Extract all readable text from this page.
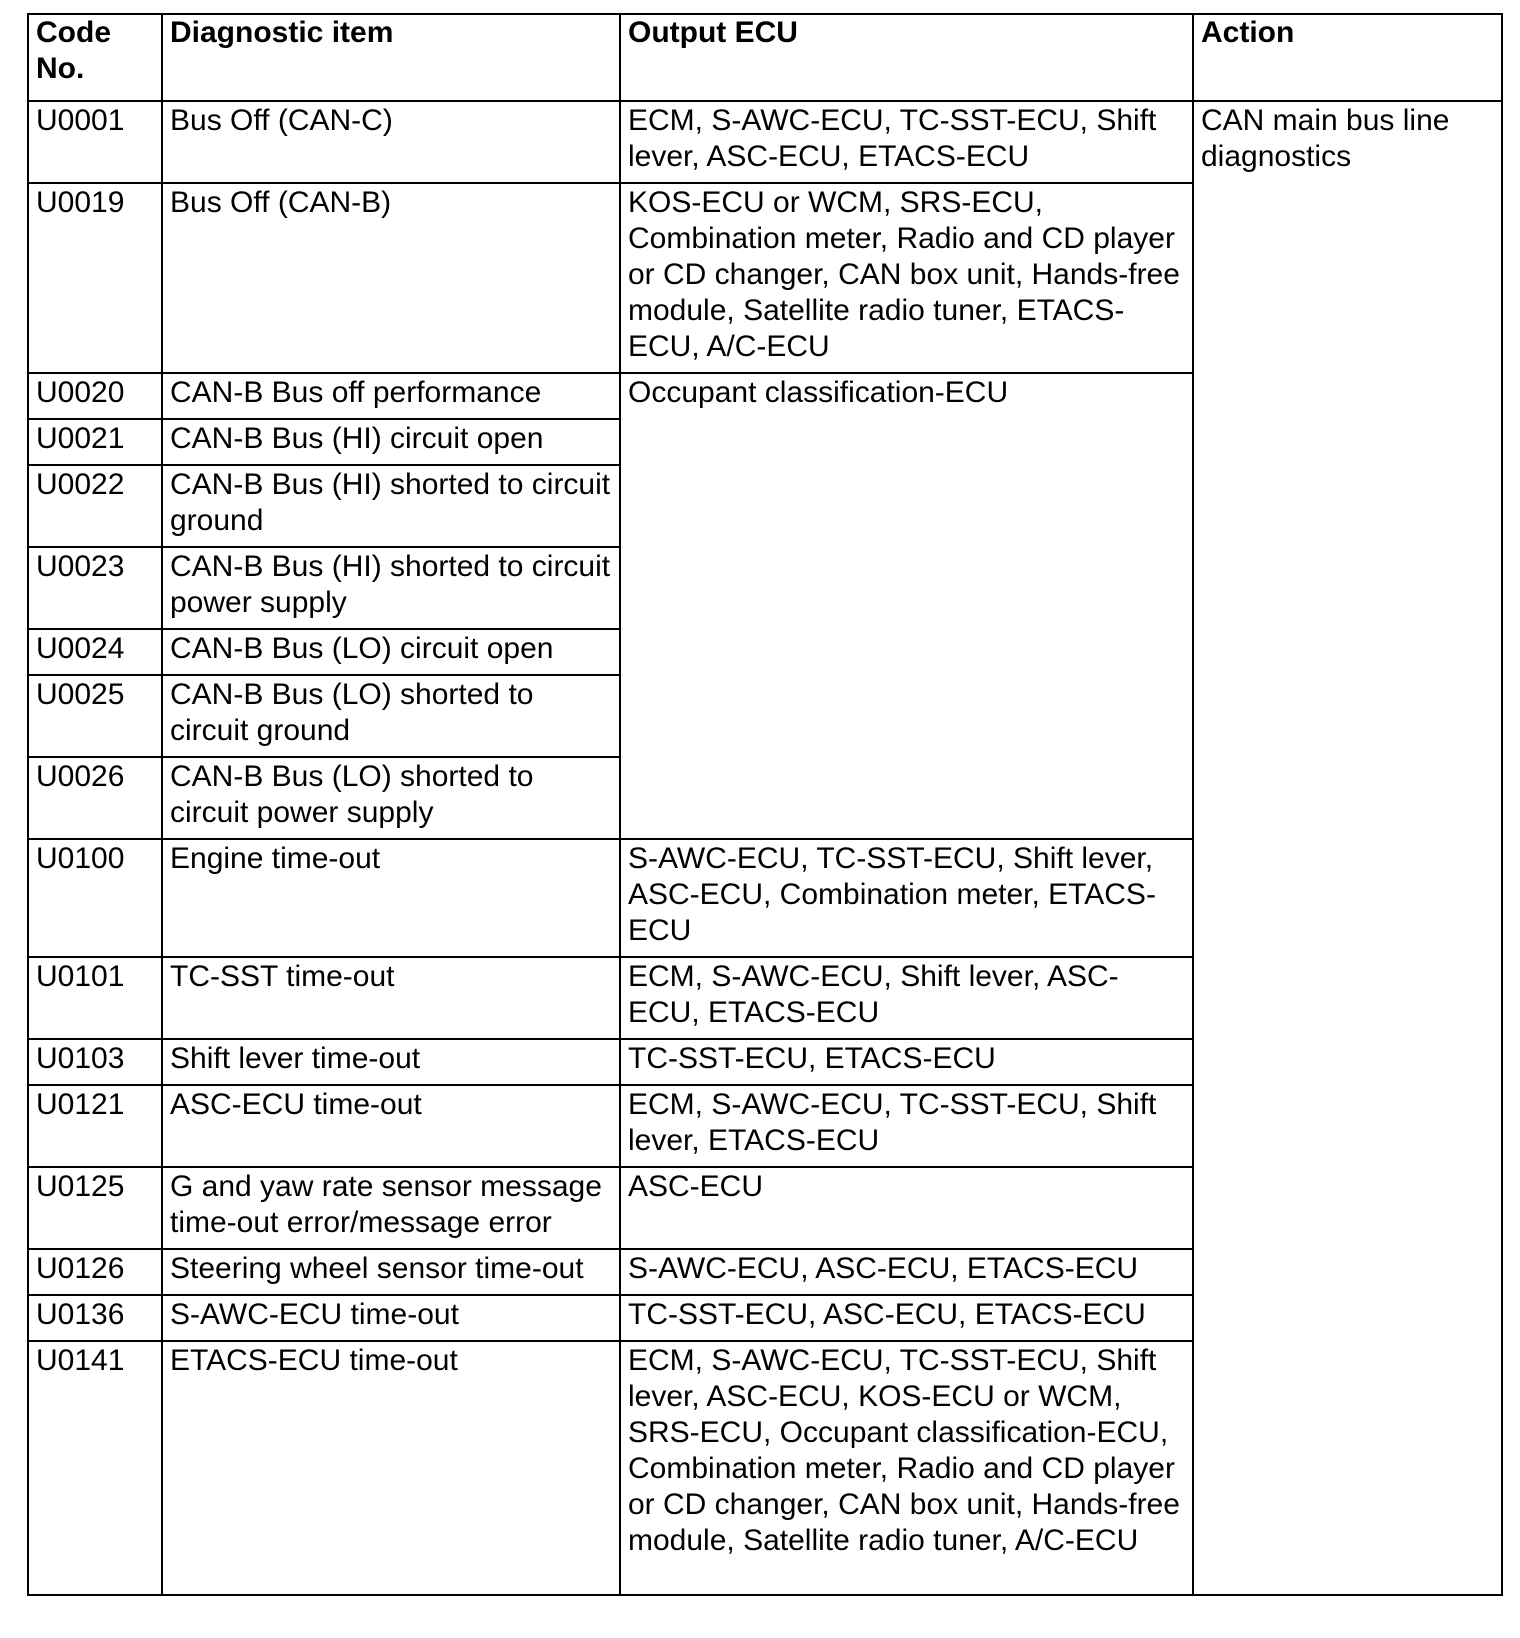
Code No.	Diagnostic item	Output ECU	Action
U0001	Bus Off (CAN-C)	ECM, S-AWC-ECU, TC-SST-ECU, Shift lever, ASC-ECU, ETACS-ECU	CAN main bus line diagnostics

U0019	Bus Off (CAN-B)	KOS-ECU or WCM, SRS-ECU, Combination meter, Radio and CD player or CD changer, CAN box unit, Hands-free module, Satellite radio tuner, ETACS-ECU, A/C-ECU	
U0020	CAN-B Bus off performance	Occupant classification-ECU	
U0021	CAN-B Bus (HI) circuit open		
U0022	CAN-B Bus (HI) shorted to circuit ground		
U0023	CAN-B Bus (HI) shorted to circuit power supply		
U0024	CAN-B Bus (LO) circuit open		
U0025	CAN-B Bus (LO) shorted to circuit ground		
U0026	CAN-B Bus (LO) shorted to circuit power supply		
U0100	Engine time-out	S-AWC-ECU, TC-SST-ECU, Shift lever, ASC-ECU, Combination meter, ETACS-ECU	
U0101	TC-SST time-out	ECM, S-AWC-ECU, Shift lever, ASC-ECU, ETACS-ECU	
U0103	Shift lever time-out	TC-SST-ECU, ETACS-ECU	
U0121	ASC-ECU time-out	ECM, S-AWC-ECU, TC-SST-ECU, Shift lever, ETACS-ECU	
U0125	G and yaw rate sensor message time-out error/message error	ASC-ECU	
U0126	Steering wheel sensor time-out	S-AWC-ECU, ASC-ECU, ETACS-ECU	
U0136	S-AWC-ECU time-out	TC-SST-ECU, ASC-ECU, ETACS-ECU	
U0141	ETACS-ECU time-out	ECM, S-AWC-ECU, TC-SST-ECU, Shift lever, ASC-ECU, KOS-ECU or WCM, SRS-ECU, Occupant classification-ECU, Combination meter, Radio and CD player or CD changer, CAN box unit, Hands-free module, Satellite radio tuner, A/C-ECU	
